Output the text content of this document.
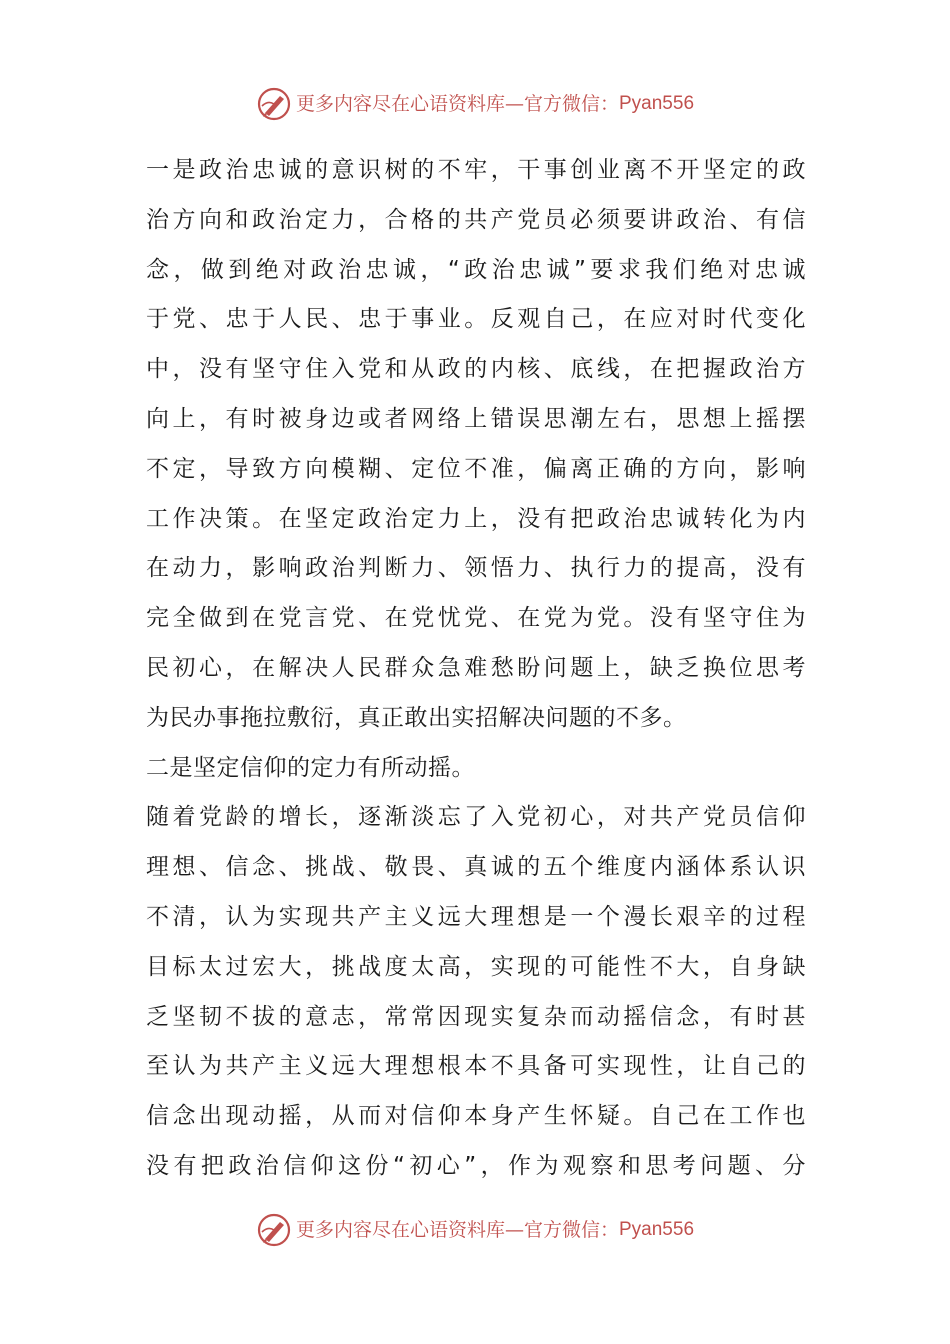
更多内容尽在心语资料库 — 官方微信： Pyan556
一是政治忠诚的意识树的不牢，干事创业离不开坚定的政
治方向和政治定力，合格的共产党员必须要讲政治、有信
念，做到绝对政治忠诚，“政治忠诚”要求我们绝对忠诚
于党、忠于人民、忠于事业。反观自己，在应对时代变化
中，没有坚守住入党和从政的内核、底线，在把握政治方
向上，有时被身边或者网络上错误思潮左右，思想上摇摆
不定，导致方向模糊、定位不准，偏离正确的方向，影响
工作决策。在坚定政治定力上，没有把政治忠诚转化为内
在动力，影响政治判断力、领悟力、执行力的提高，没有
完全做到在党言党、在党忧党、在党为党。没有坚守住为
民初心，在解决人民群众急难愁盼问题上，缺乏换位思考
为民办事拖拉敷衍，真正敢出实招解决问题的不多。
二是坚定信仰的定力有所动摇。
随着党龄的增长，逐渐淡忘了入党初心，对共产党员信仰
理想、信念、挑战、敬畏、真诚的五个维度内涵体系认识
不清，认为实现共产主义远大理想是一个漫长艰辛的过程
目标太过宏大，挑战度太高，实现的可能性不大，自身缺
乏坚韧不拔的意志，常常因现实复杂而动摇信念，有时甚
至认为共产主义远大理想根本不具备可实现性，让自己的
信念出现动摇，从而对信仰本身产生怀疑。自己在工作也
没有把政治信仰这份“初心”，作为观察和思考问题、分
更多内容尽在心语资料库 — 官方微信： Pyan556
